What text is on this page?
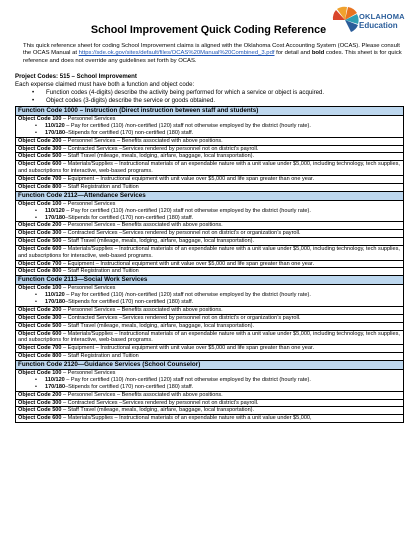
OKLAHOMA
Education
School Improvement Quick Coding Reference
This quick reference sheet for coding School Improvement claims is aligned with the Oklahoma Cost Accounting System (OCAS). Please consult the OCAS Manual at https://sde.ok.gov/sites/default/files/OCAS%20Manual%20Combined_3.pdf for detail and bold codes. This sheet is for quick reference and does not override any guidelines set forth by OCAS.
Project Codes: 515 – School Improvement
Each expense claimed must have both a function and object code:
• Function codes (4-digits) describe the activity being performed for which a service or object is acquired.
• Object codes (3-digits) describe the service or goods obtained.
Function Code 1000 – Instruction (Direct instruction between staff and students)
Object Code 100 – Personnel Services
• 110/120 – Pay for certified (110) /non-certified (120) staff not otherwise employed by the district (hourly rate).
• 170/180–Stipends for certified (170) non-certified (180) staff.

Object Code 200 – Personnel Services – Benefits associated with above positions.
Object Code 300 – Contracted Services –Services rendered by personnel not on district’s payroll.
Object Code 500 – Staff Travel (mileage, meals, lodging, airfare, baggage, local transportation).
Object Code 600 – Materials/Supplies – Instructional materials of an expendable nature with a unit value under $5,000, including technology, tech supplies, and subscriptions for interactive, web-based programs.
Object Code 700 – Equipment – Instructional equipment with unit value over $5,000 and life span greater than one year.
Object Code 800 – Staff Registration and Tuition
Function Code 2112—Attendance Services
Object Code 100 – Personnel Services
• 110/120 – Pay for certified (110) /non-certified (120) staff not otherwise employed by the district (hourly rate).
• 170/180–Stipends for certified (170) non-certified (180) staff.

Object Code 200 – Personnel Services – Benefits associated with above positions.
Object Code 300 – Contracted Services –Services rendered by personnel not on district’s or organization’s payroll.
Object Code 500 – Staff Travel (mileage, meals, lodging, airfare, baggage, local transportation).
Object Code 600 – Materials/Supplies – Instructional materials of an expendable nature with a unit value under $5,000, including technology, tech supplies, and subscriptions for interactive, web-based programs.
Object Code 700 – Equipment – Instructional equipment with unit value over $5,000 and life span greater than one year.
Object Code 800 – Staff Registration and Tuition
Function Code 2113—Social Work Services
Object Code 100 – Personnel Services
• 110/120 – Pay for certified (110) /non-certified (120) staff not otherwise employed by the district (hourly rate).
• 170/180–Stipends for certified (170) non-certified (180) staff.

Object Code 200 – Personnel Services – Benefits associated with above positions.
Object Code 300 – Contracted Services –Services rendered by personnel not on district’s or organization’s payroll.
Object Code 500 – Staff Travel (mileage, meals, lodging, airfare, baggage, local transportation).
Object Code 600 – Materials/Supplies – Instructional materials of an expendable nature with a unit value under $5,000, including technology, tech supplies, and subscriptions for interactive, web-based programs.
Object Code 700 – Equipment – Instructional equipment with unit value over $5,000 and life span greater than one year.
Object Code 800 – Staff Registration and Tuition
Function Code 2120—Guidance Services (School Counselor)
Object Code 100 – Personnel Services
• 110/120 – Pay for certified (110) /non-certified (120) staff not otherwise employed by the district (hourly rate).
• 170/180–Stipends for certified (170) non-certified (180) staff.

Object Code 200 – Personnel Services – Benefits associated with above positions.
Object Code 300 – Contracted Services –Services rendered by personnel not on district’s payroll.
Object Code 500 – Staff Travel (mileage, meals, lodging, airfare, baggage, local transportation).
Object Code 600 – Materials/Supplies – Instructional materials of an expendable nature with a unit value under $5,000,
